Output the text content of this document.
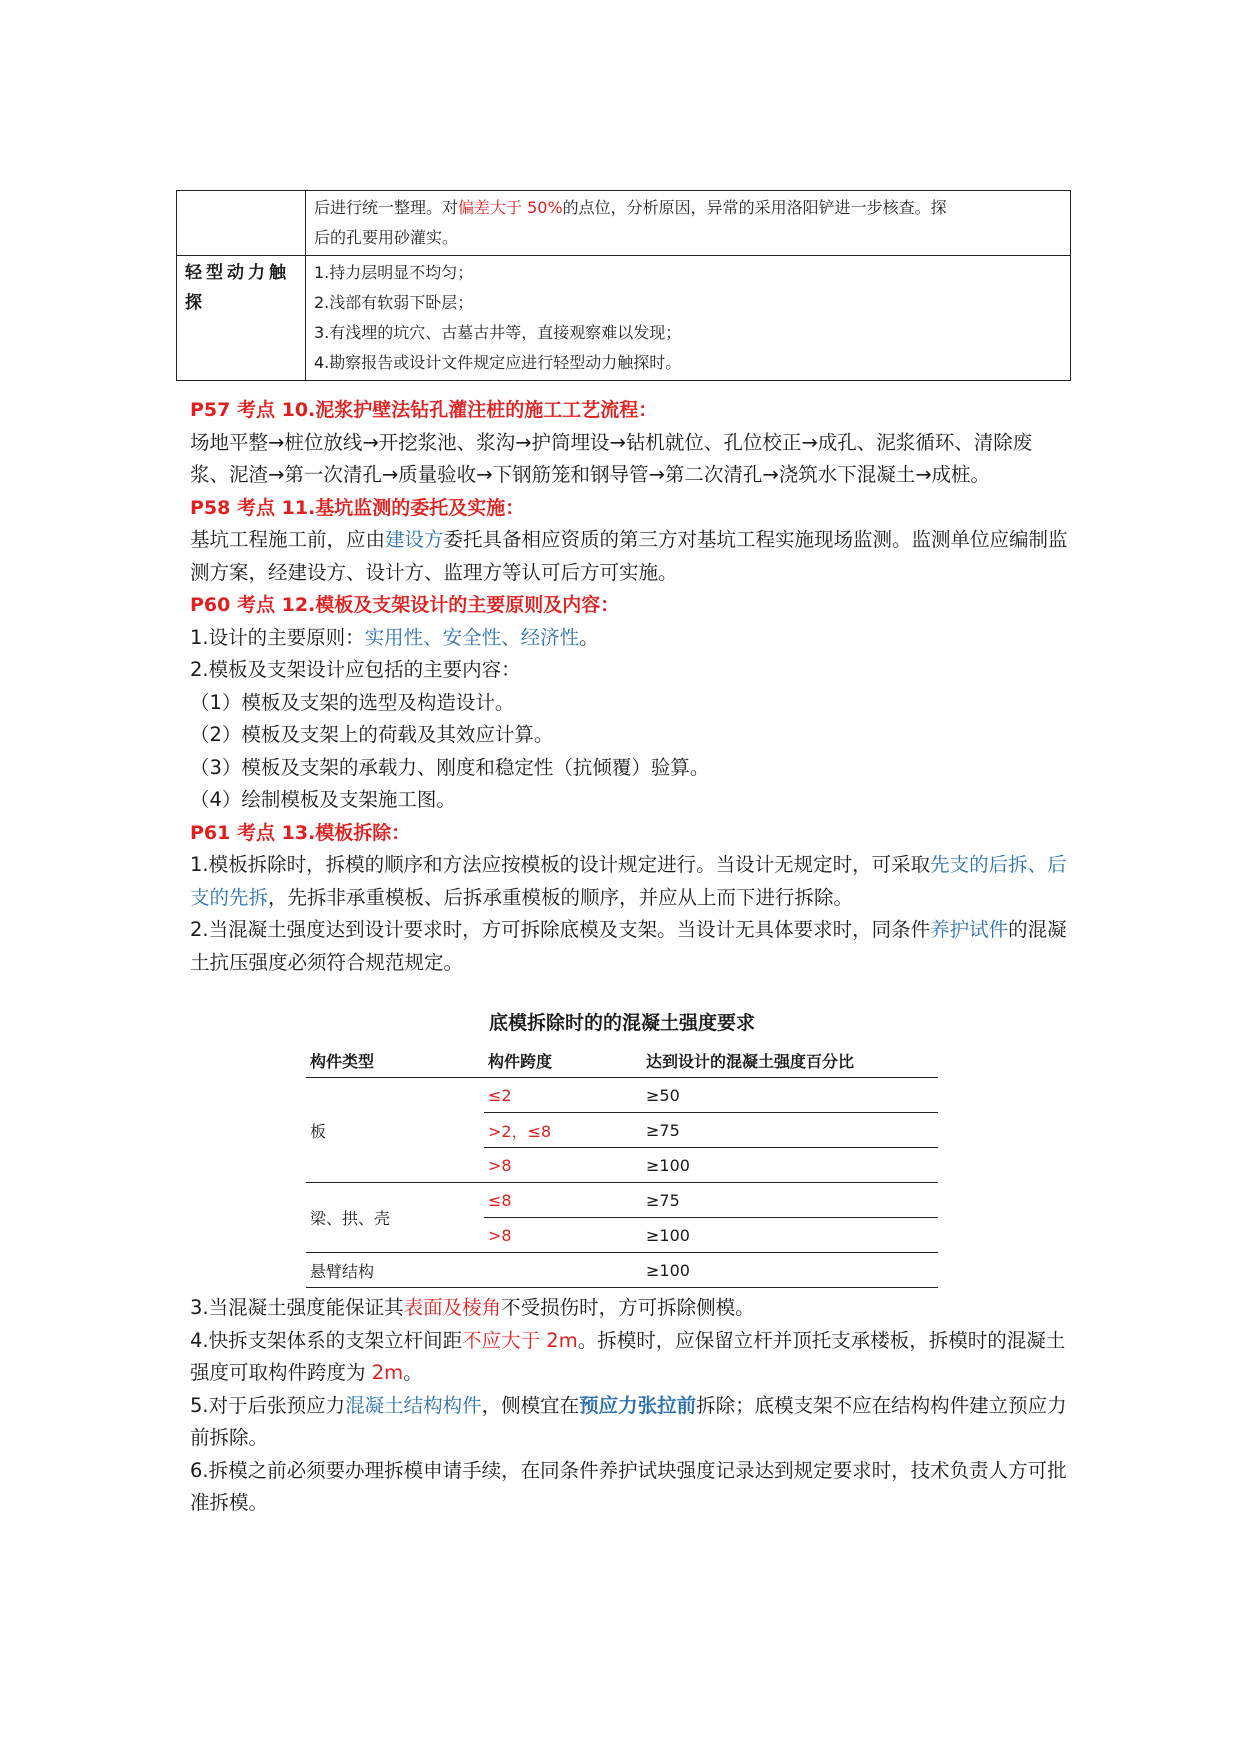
	后进行统一整理。对偏差大于 50%的点位，分析原因，异常的采用洛阳铲进一步核查。探
后的孔要用砂灌实。
轻型动力触探	1.持力层明显不均匀；
2.浅部有软弱下卧层；
3.有浅埋的坑穴、古墓古井等，直接观察难以发现；
4.勘察报告或设计文件规定应进行轻型动力触探时。
P57 考点 10.泥浆护壁法钻孔灌注桩的施工工艺流程：

场地平整→桩位放线→开挖浆池、浆沟→护筒埋设→钻机就位、孔位校正→成孔、泥浆循环、清除废浆、泥渣→第一次清孔→质量验收→下钢筋笼和钢导管→第二次清孔→浇筑水下混凝土→成桩。

P58 考点 11.基坑监测的委托及实施：

基坑工程施工前，应由建设方委托具备相应资质的第三方对基坑工程实施现场监测。监测单位应编制监测方案，经建设方、设计方、监理方等认可后方可实施。

P60 考点 12.模板及支架设计的主要原则及内容：

1.设计的主要原则：实用性、安全性、经济性。

2.模板及支架设计应包括的主要内容：

（1）模板及支架的选型及构造设计。

（2）模板及支架上的荷载及其效应计算。

（3）模板及支架的承载力、刚度和稳定性（抗倾覆）验算。

（4）绘制模板及支架施工图。

P61 考点 13.模板拆除：

1.模板拆除时，拆模的顺序和方法应按模板的设计规定进行。当设计无规定时，可采取先支的后拆、后支的先拆，先拆非承重模板、后拆承重模板的顺序，并应从上而下进行拆除。

2.当混凝土强度达到设计要求时，方可拆除底模及支架。当设计无具体要求时，同条件养护试件的混凝土抗压强度必须符合规范规定。

底模拆除时的的混凝土强度要求
构件类型	构件跨度	达到设计的混凝土强度百分比
板	≤2	≥50
	>2，≤8	≥75
	>8	≥100
梁、拱、壳	≤8	≥75
	>8	≥100
悬臂结构		≥100

3.当混凝土强度能保证其表面及棱角不受损伤时，方可拆除侧模。

4.快拆支架体系的支架立杆间距不应大于 2m。拆模时，应保留立杆并顶托支承楼板，拆模时的混凝土强度可取构件跨度为 2m。

5.对于后张预应力混凝土结构构件，侧模宜在预应力张拉前拆除；底模支架不应在结构构件建立预应力前拆除。

6.拆模之前必须要办理拆模申请手续，在同条件养护试块强度记录达到规定要求时，技术负责人方可批准拆模。
